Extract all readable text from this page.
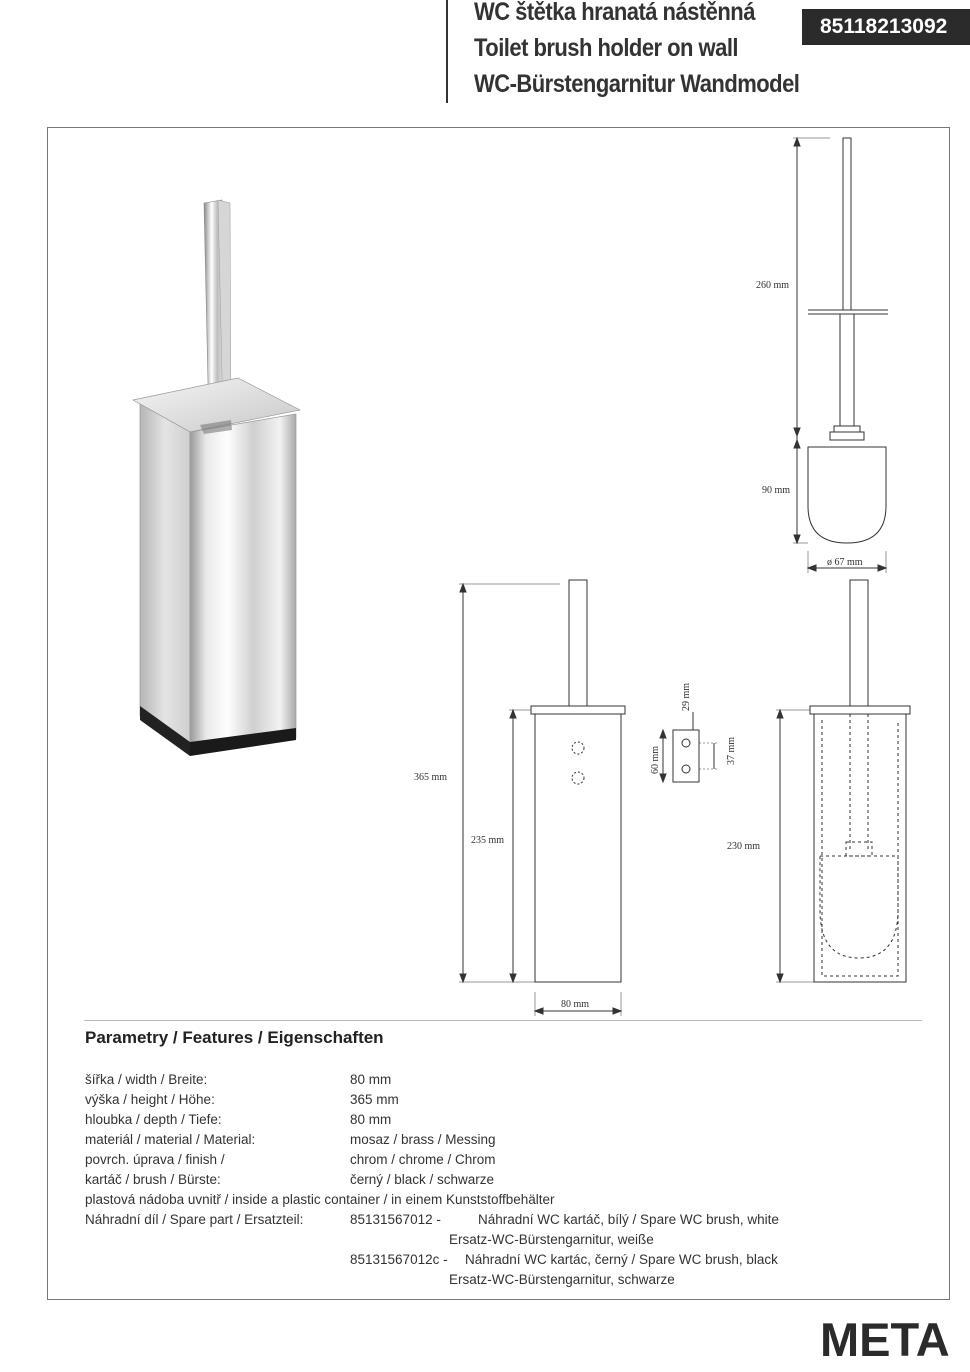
WC štětka hranatá nástěnná
Toilet brush holder on wall
WC-Bürstengarnitur Wandmodel
85118213092
260 mm
90 mm
ø 67 mm
365 mm
235 mm
80 mm
29 mm
60 mm	37 mm
230 mm
Parametry / Features / Eigenschaften
šířka / width / Breite:	80 mm
výška / height / Höhe:	365 mm
hloubka / depth / Tiefe:	80 mm
materiál / material / Material:	mosaz / brass / Messing
povrch. úprava / finish /	chrom / chrome / Chrom
kartáč / brush / Bürste:	černý / black / schwarze
plastová nádoba uvnitř / inside a plastic container / in einem Kunststoffbehälter
Náhradní díl / Spare part / Ersatzteil:	85131567012 -	Náhradní WC kartáč, bílý / Spare WC brush, white
Ersatz-WC-Bürstengarnitur, weiße
85131567012c - Náhradní WC kartác, černý / Spare WC brush, black
Ersatz-WC-Bürstengarnitur, schwarze
META
